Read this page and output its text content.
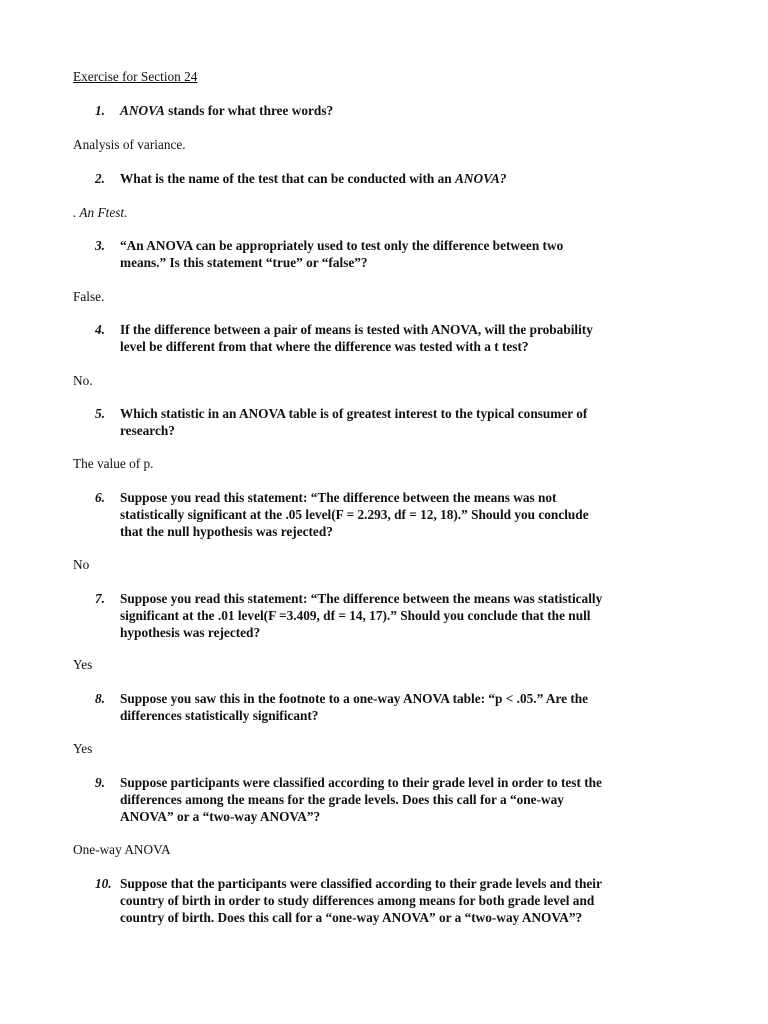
Exercise for Section 24
1.	ANOVA stands for what three words?
Analysis of variance.
2.	What is the name of the test that can be conducted with an ANOVA?
. An Ftest.
3. “An ANOVA can be appropriately used to test only the difference between two
means.” Is this statement “true” or “false”?
False.
4. If the difference between a pair of means is tested with ANOVA, will the probability
level be different from that where the difference was tested with a t test?
No.
5. Which statistic in an ANOVA table is of greatest interest to the typical consumer of
research?
The value of p.
6. Suppose you read this statement: “The difference between the means was not
statistically significant at the .05 level(F = 2.293, df = 12, 18).” Should you conclude
that the null hypothesis was rejected?
No
7. Suppose you read this statement: “The difference between the means was statistically
significant at the .01 level(F =3.409, df = 14, 17).” Should you conclude that the null
hypothesis was rejected?
Yes
8. Suppose you saw this in the footnote to a one-way ANOVA table: “p < .05.” Are the
differences statistically significant?
Yes
9. Suppose participants were classified according to their grade level in order to test the
differences among the means for the grade levels. Does this call for a “one-way
ANOVA” or a “two-way ANOVA”?
One-way ANOVA
10. Suppose that the participants were classified according to their grade levels and their
country of birth in order to study differences among means for both grade level and
country of birth. Does this call for a “one-way ANOVA” or a “two-way ANOVA”?
